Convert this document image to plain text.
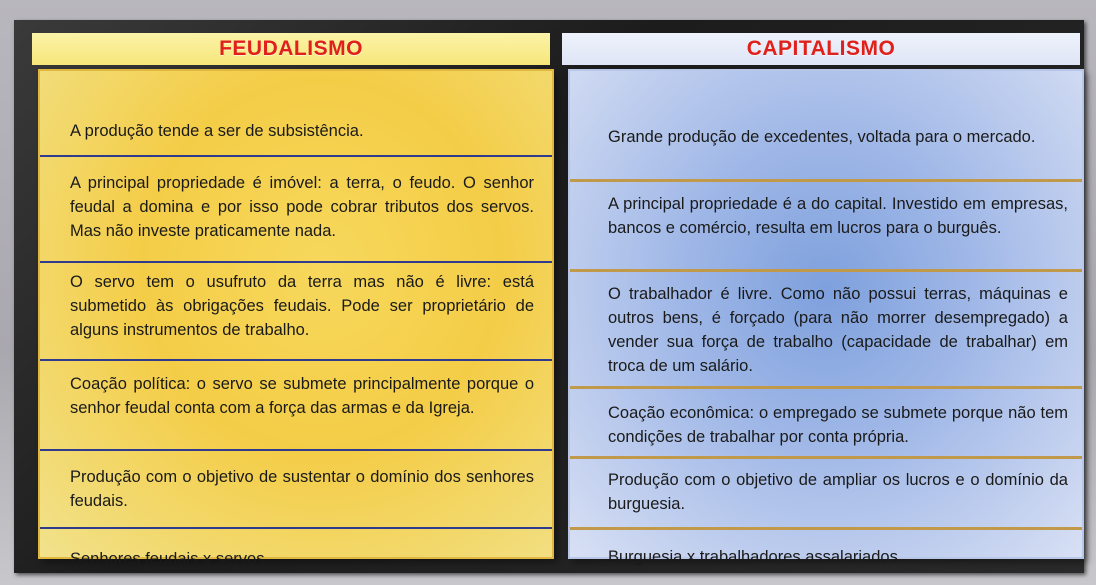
FEUDALISMO
A produção tende a ser de subsistência.
A principal propriedade é imóvel: a terra, o feudo. O senhor feudal a domina e por isso pode cobrar tributos dos servos. Mas não investe praticamente nada.
O servo tem o usufruto da terra mas não é livre: está submetido às obrigações feudais. Pode ser proprietário de alguns instrumentos de trabalho.
Coação política: o servo se submete principalmente porque o senhor feudal conta com a força das armas e da Igreja.
Produção com o objetivo de sustentar o domínio dos senhores feudais.
Senhores feudais x servos.
CAPITALISMO
Grande produção de excedentes, voltada para o mercado.
A principal propriedade é a do capital. Investido em empresas, bancos e comércio, resulta em lucros para o burguês.
O trabalhador é livre. Como não possui terras, máquinas e outros bens, é forçado (para não morrer desempregado) a vender sua força de trabalho (capacidade de trabalhar) em troca de um salário.
Coação econômica: o empregado se submete porque não tem condições de trabalhar por conta própria.
Produção com o objetivo de ampliar os lucros e o domínio da burguesia.
Burguesia x trabalhadores assalariados.
